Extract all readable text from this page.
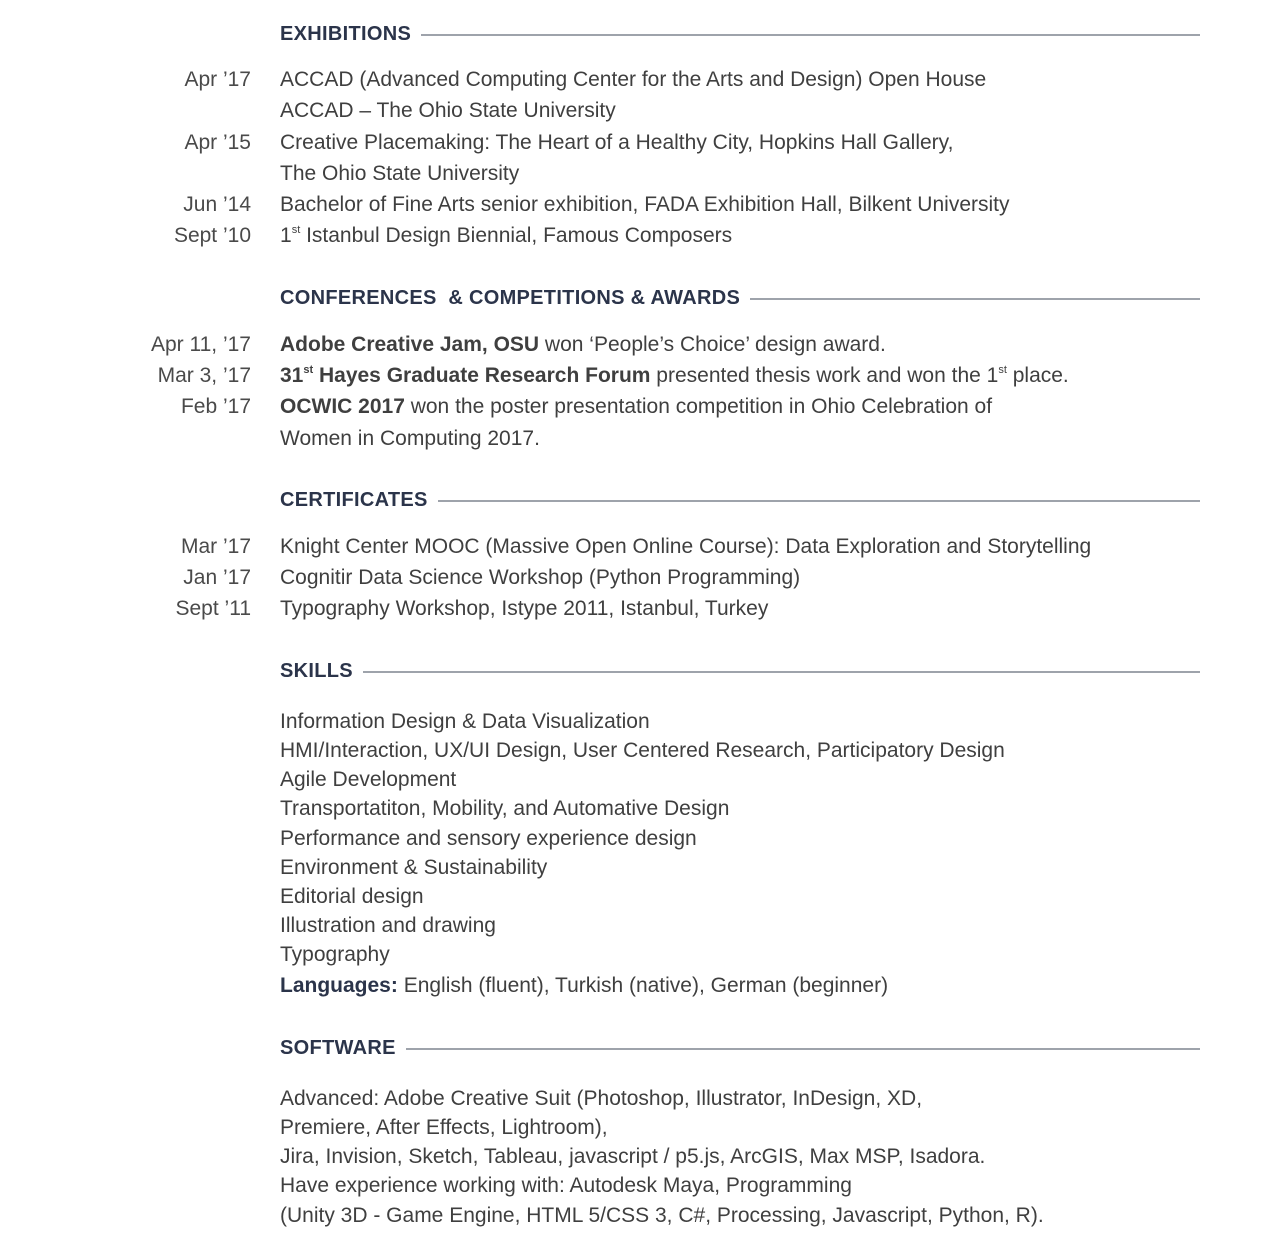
EXHIBITIONS
Apr ’17 ACCAD (Advanced Computing Center for the Arts and Design) Open House
ACCAD – The Ohio State University
Apr ’15 Creative Placemaking: The Heart of a Healthy City, Hopkins Hall Gallery,
The Ohio State University
Jun ’14 Bachelor of Fine Arts senior exhibition, FADA Exhibition Hall, Bilkent University
Sept ’10 1st Istanbul Design Biennial, Famous Composers
CONFERENCES  & COMPETITIONS & AWARDS
Apr 11, ’17 Adobe Creative Jam, OSU won ‘People’s Choice’ design award.
Mar 3, ’17 31st Hayes Graduate Research Forum presented thesis work and won the 1st place.
Feb ’17 OCWIC 2017 won the poster presentation competition in Ohio Celebration of
Women in Computing 2017.
CERTIFICATES
Mar ’17 Knight Center MOOC (Massive Open Online Course): Data Exploration and Storytelling
Jan ’17 Cognitir Data Science Workshop (Python Programming)
Sept ’11 Typography Workshop, Istype 2011, Istanbul, Turkey
SKILLS
Information Design & Data Visualization
HMI/Interaction, UX/UI Design, User Centered Research, Participatory Design
Agile Development
Transportatiton, Mobility, and Automative Design
Performance and sensory experience design
Environment & Sustainability
Editorial design
Illustration and drawing
Typography
Languages: English (fluent), Turkish (native), German (beginner)
SOFTWARE
Advanced: Adobe Creative Suit (Photoshop, Illustrator, InDesign, XD,
Premiere, After Effects, Lightroom),
Jira, Invision, Sketch, Tableau, javascript / p5.js, ArcGIS, Max MSP, Isadora.
Have experience working with: Autodesk Maya, Programming
(Unity 3D - Game Engine, HTML 5/CSS 3, C#, Processing, Javascript, Python, R).
